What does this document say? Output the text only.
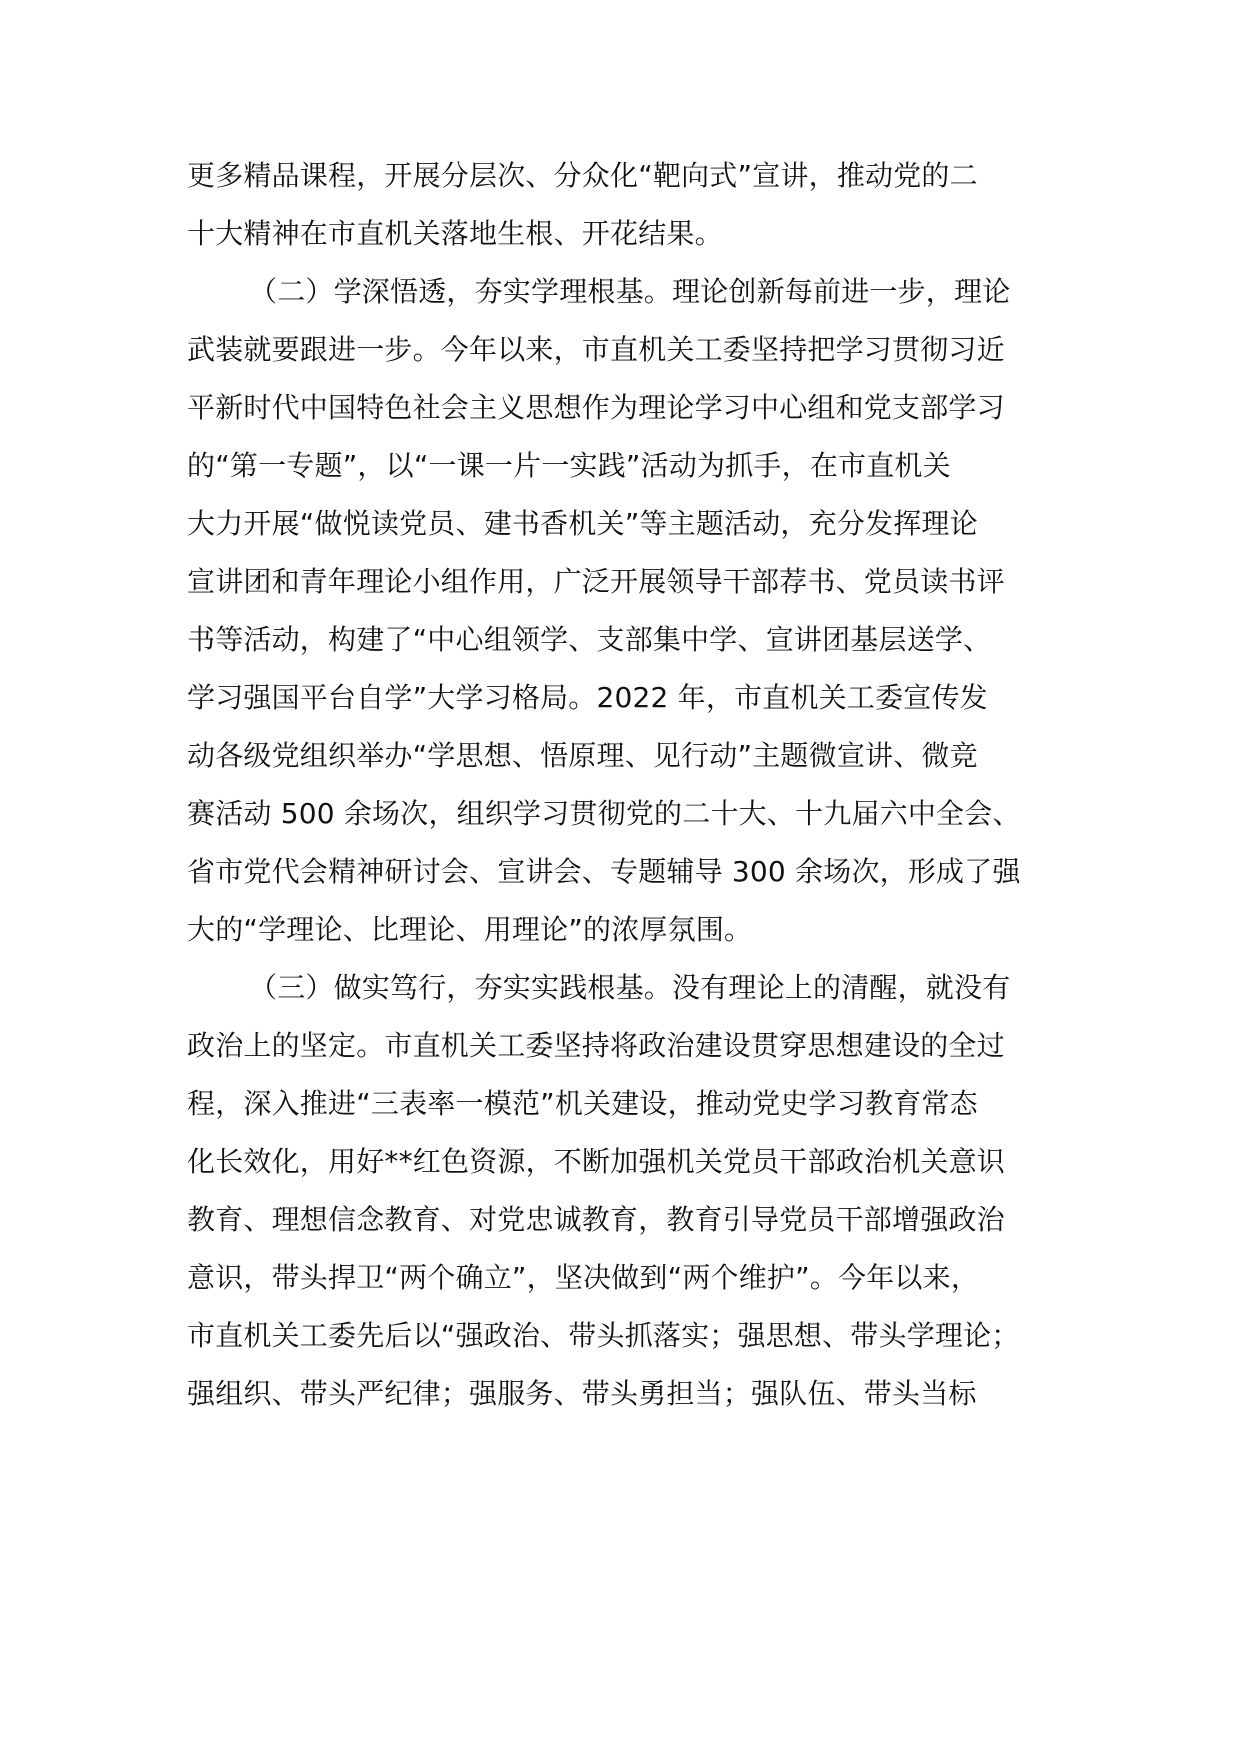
更多精品课程，开展分层次、分众化“靶向式”宣讲，推动党的二
十大精神在市直机关落地生根、开花结果。
（二）学深悟透，夯实学理根基。理论创新每前进一步，理论
武装就要跟进一步。今年以来，市直机关工委坚持把学习贯彻习近
平新时代中国特色社会主义思想作为理论学习中心组和党支部学习
的“第一专题”，以“一课一片一实践”活动为抓手，在市直机关
大力开展“做悦读党员、建书香机关”等主题活动，充分发挥理论
宣讲团和青年理论小组作用，广泛开展领导干部荐书、党员读书评
书等活动，构建了“中心组领学、支部集中学、宣讲团基层送学、
学习强国平台自学”大学习格局。2022 年，市直机关工委宣传发
动各级党组织举办“学思想、悟原理、见行动”主题微宣讲、微竞
赛活动 500 余场次，组织学习贯彻党的二十大、十九届六中全会、
省市党代会精神研讨会、宣讲会、专题辅导 300 余场次，形成了强
大的“学理论、比理论、用理论”的浓厚氛围。
（三）做实笃行，夯实实践根基。没有理论上的清醒，就没有
政治上的坚定。市直机关工委坚持将政治建设贯穿思想建设的全过
程，深入推进“三表率一模范”机关建设，推动党史学习教育常态
化长效化，用好**红色资源，不断加强机关党员干部政治机关意识
教育、理想信念教育、对党忠诚教育，教育引导党员干部增强政治
意识，带头捍卫“两个确立”，坚决做到“两个维护”。今年以来，
市直机关工委先后以“强政治、带头抓落实；强思想、带头学理论；
强组织、带头严纪律；强服务、带头勇担当；强队伍、带头当标
